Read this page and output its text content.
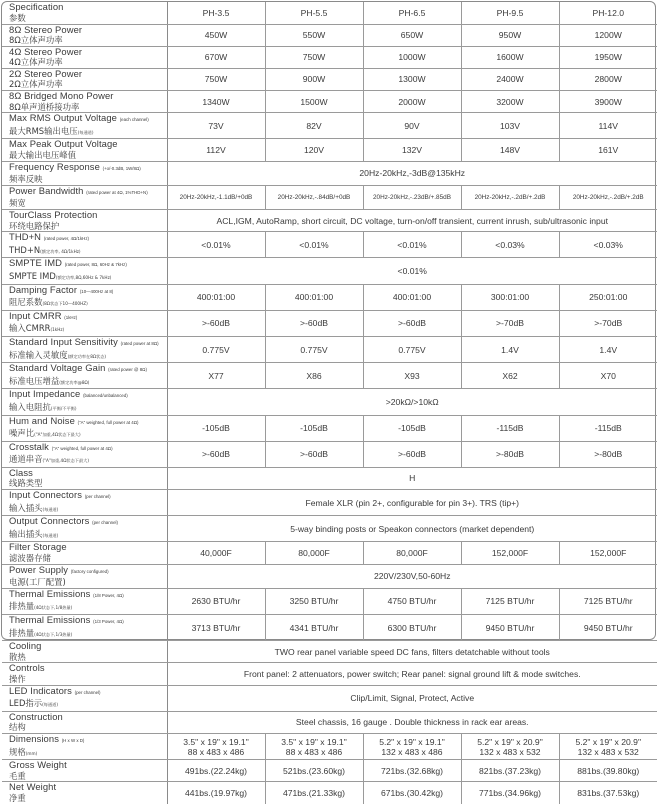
Specification
参数	PH-3.5	PH-5.5	PH-6.5	PH-9.5	PH-12.0

8Ω Stereo Power
8Ω立体声功率	450W	550W	650W	950W	1200W

4Ω Stereo Power
4Ω立体声功率	670W	750W	1000W	1600W	1950W

2Ω Stereo Power
2Ω立体声功率	750W	900W	1300W	2400W	2800W

8Ω Bridged Mono Power
8Ω单声道桥接功率	1340W	1500W	2000W	3200W	3900W

Max RMS Output Voltage (each channel)
最大RMS输出电压(每通道)	73V	82V	90V	103V	114V

Max Peak Output Voltage
最大输出电压峰值	112V	120V	132V	148V	161V

Frequency Response (+o/-0.3dB, 1W/8Ω)
频率反映	20Hz-20kHz,-3dB@135kHz				

Power Bandwidth (rated power at 4Ω, 1%THD+N)
频宽	20Hz-20kHz,-1.1dB/+0dB	20Hz-20kHz,-.84dB/+0dB	20Hz-20kHz,-.23dB/+.85dB	20Hz-20kHz,-.2dB/+.2dB	20Hz-20kHz,-.2dB/+.2dB

TourClass Protection
环绕电路保护	ACL,IGM, AutoRamp, short circuit, DC voltage, turn-on/off transient, current inrush, sub/ultrasonic input				

THD+N (rated power, 4Ω/1kHz)
THD+N(额定功率, 4Ω/1kHz)	<0.01%	<0.01%	<0.01%	<0.03%	<0.03%

SMPTE IMD (rated power, 8Ω, 60Hz & 7kHz)
SMPTE IMD(额定功率,8Ω,60Hz & 7kHz)	<0.01%				

Damping Factor (10—400Hz at 8)
阻尼系数(8Ω状态下10—400HZ)	400:01:00	400:01:00	400:01:00	300:01:00	250:01:00

Input CMRR (1kHz)
输入CMRR(1kHz)	>-60dB	>-60dB	>-60dB	>-70dB	>-70dB

Standard Input Sensitivity (rated power at 8Ω)
标准输入灵敏度(额定功率在8Ω状态)	0.775V	0.775V	0.775V	1.4V	1.4V

Standard Voltage Gain (rated power @ 8Ω)
标准电压增益(额定功率@8Ω)	X77	X86	X93	X62	X70

Input Impedance (balanced/unbalanced)
输入电阻抗(平衡/不平衡)	>20kΩ/>10kΩ				

Hum and Noise ("A" weighted, full power at 4Ω)
噪声比("A"加重,4Ω状态下最大)	-105dB	-105dB	-105dB	-115dB	-115dB

Crosstalk ("A" weighted, full power at 4Ω)
通道串音("A"加重,4Ω状态下最大)	>-60dB	>-60dB	>-60dB	>-80dB	>-80dB

Class
线路类型	H				

Input Connectors (per channel)
输入插头(每通道)	Female XLR (pin 2+, configurable for pin 3+). TRS (tip+)				

Output Connectors (per channel)
输出插头(每通道)	5-way binding posts or Speakon connectors (market dependent)				

Filter Storage
滤波器存储	40,000F	80,000F	80,000F	152,000F	152,000F

Power Supply (factory configured)
电源(工厂配置)	220V/230V,50-60Hz				

Thermal Emissions (1/8 Power, 4Ω)
排热量(4Ω状态下,1/8热量)	2630 BTU/hr	3250 BTU/hr	4750 BTU/hr	7125 BTU/hr	7125 BTU/hr

Thermal Emissions (1/3 Power, 4Ω)
排热量(4Ω状态下,1/3热量)	3713 BTU/hr	4341 BTU/hr	6300 BTU/hr	9450 BTU/hr	9450 BTU/hr

Cooling
散热	TWO rear panel variable speed DC fans, filters detatchable without tools				

Controls
操作	Front panel: 2 attenuators, power switch; Rear panel: signal ground lift & mode switches.				

LED Indicators (per channel)
LED指示(每通道)	Clip/Limit, Signal, Protect, Active				

Construction
结构	Steel chassis, 16 gauge . Double thickness in rack ear areas.				

Dimensions (H x W x D)
规格(mm)	3.5" x 19" x 19.1"
88 x 483 x 486	3.5" x 19" x 19.1"
88 x 483 x 486	5.2" x 19" x 19.1"
132 x 483 x 486	5.2" x 19" x 20.9"
132 x 483 x 532	5.2" x 19" x 20.9"
132 x 483 x 532

Gross Weight
毛重	491bs.(22.24kg)	521bs.(23.60kg)	721bs.(32.68kg)	821bs.(37.23kg)	881bs.(39.80kg)

Net Weight
净重	441bs.(19.97kg)	471bs.(21.33kg)	671bs.(30.42kg)	771bs.(34.96kg)	831bs.(37.53kg)
